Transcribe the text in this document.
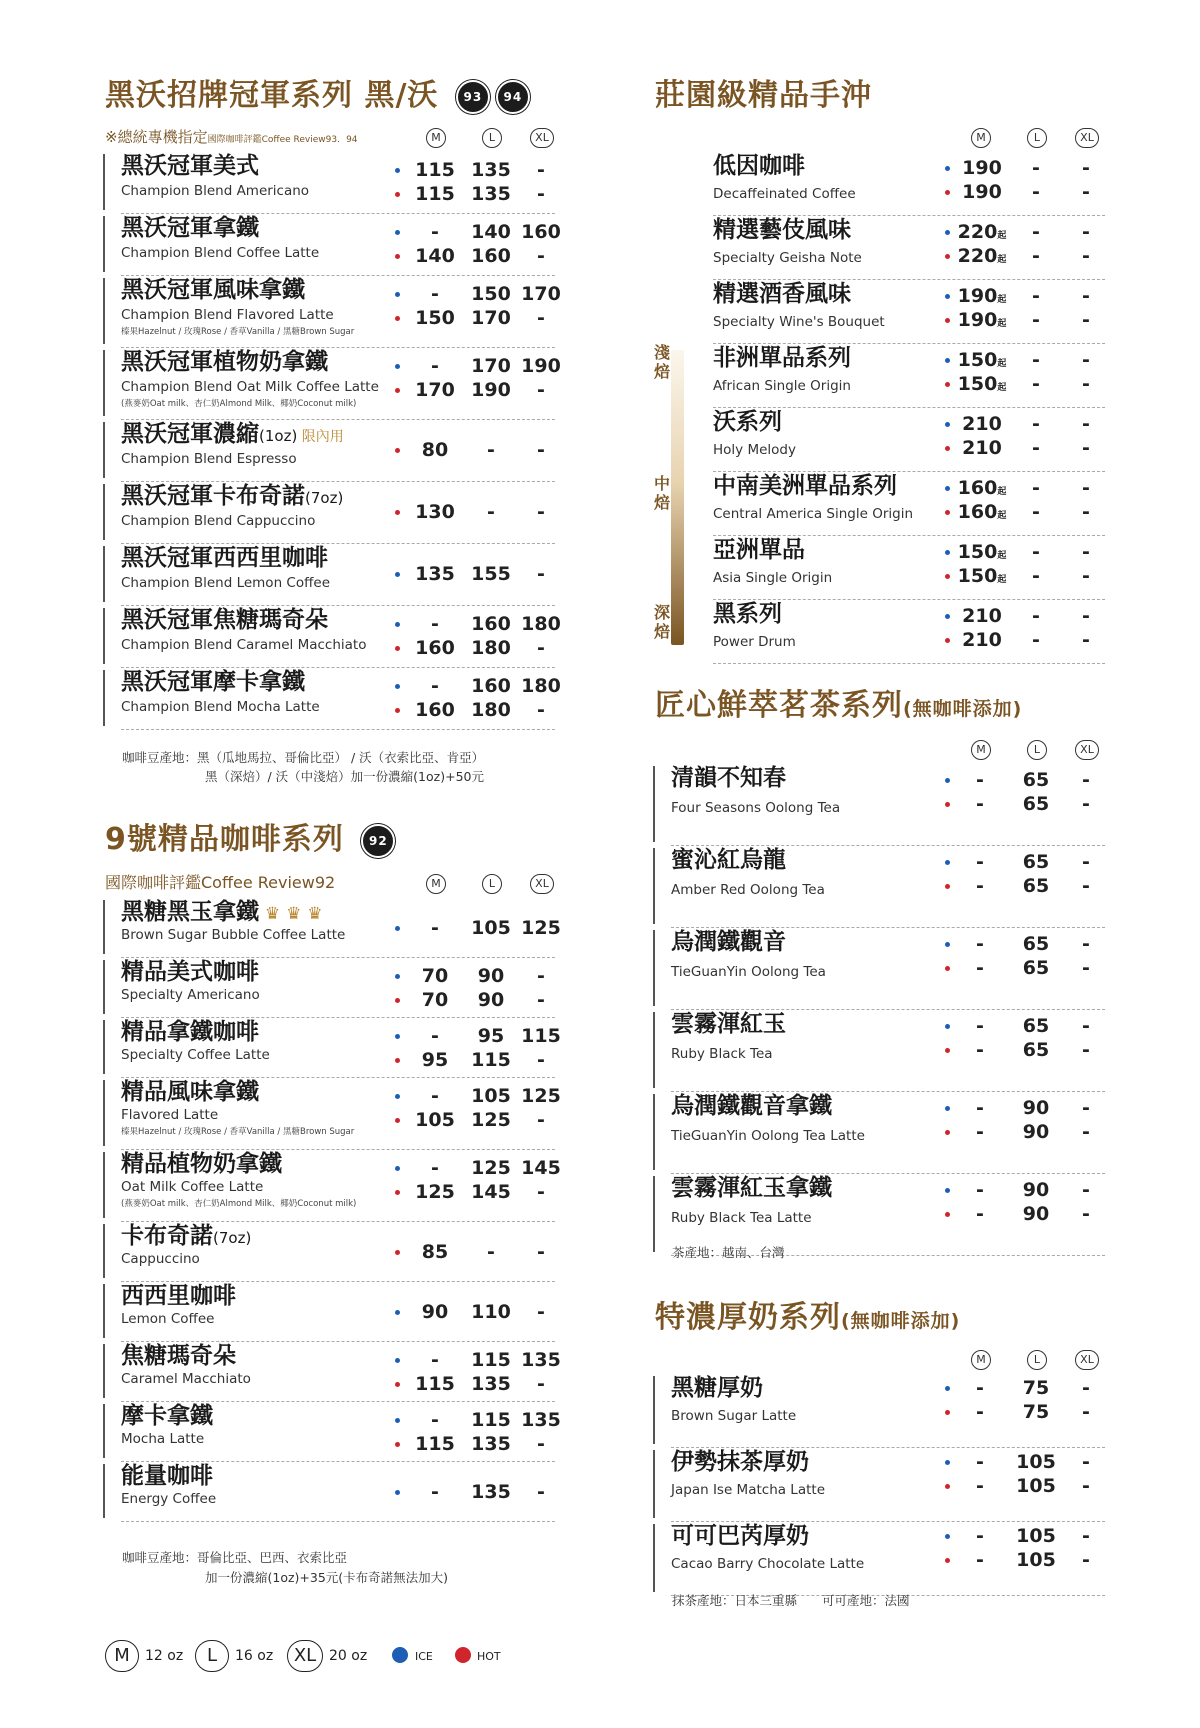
黑沃招牌冠軍系列 黑/沃 93 94
※總統專機指定國際咖啡評鑑Coffee Review93．94	M	L	XL
黑沃冠軍美式
Champion Blend Americano
115 135	-
115 135	-
黑沃冠軍拿鐵
Champion Blend Coffee Latte
-	140 160
140 160	-
黑沃冠軍風味拿鐵
Champion Blend Flavored Latte
榛果Hazelnut / 玫瑰Rose / 香草Vanilla / 黑糖Brown Sugar
-	150 170
150 170	-
黑沃冠軍植物奶拿鐵
Champion Blend Oat Milk Coffee Latte
(燕麥奶Oat milk、杏仁奶Almond Milk、椰奶Coconut milk)
-	170 190
170 190	-
黑沃冠軍濃縮(1oz) 限內用
Champion Blend Espresso	80	-	-
黑沃冠軍卡布奇諾(7oz)
Champion Blend Cappuccino	130	-	-
黑沃冠軍西西里咖啡
Champion Blend Lemon Coffee	135 155	-
黑沃冠軍焦糖瑪奇朵
Champion Blend Caramel Macchiato
-	160 180
160 180	-
黑沃冠軍摩卡拿鐵
Champion Blend Mocha Latte
-	160 180
160 180	-
咖啡豆產地：黑（瓜地馬拉、哥倫比亞） / 沃（衣索比亞、肯亞）
黑（深焙）/ 沃（中淺焙）加一份濃縮(1oz)+50元
9號精品咖啡系列 92
國際咖啡評鑑Coffee Review92	M	L	XL
黑糖黑玉拿鐵 ♛ ♛ ♛
Brown Sugar Bubble Coffee Latte	-	105 125
精品美式咖啡
Specialty Americano
70	90	-
70	90	-
精品拿鐵咖啡
Specialty Coffee Latte
-	95 115
95	115	-
精品風味拿鐵
Flavored Latte
榛果Hazelnut / 玫瑰Rose / 香草Vanilla / 黑糖Brown Sugar
-	105 125
105 125	-
精品植物奶拿鐵
Oat Milk Coffee Latte
(燕麥奶Oat milk、杏仁奶Almond Milk、椰奶Coconut milk)
-	125 145
125 145	-
卡布奇諾(7oz)
Cappuccino	85	-	-
西西里咖啡
Lemon Coffee	90	110	-
焦糖瑪奇朵
Caramel Macchiato
-	115 135
115 135	-
摩卡拿鐵
Mocha Latte
-	115 135
115 135	-
能量咖啡
Energy Coffee	-	135	-
咖啡豆產地：哥倫比亞、巴西、衣索比亞
加一份濃縮(1oz)+35元(卡布奇諾無法加大)
莊園級精品手沖
M	L	XL
淺焙
中焙
深焙
低因咖啡
Decaffeinated Coffee
190	-	-
190	-	-
精選藝伎風味
Specialty Geisha Note
220起	-	-
220起	-	-
精選酒香風味
Specialty Wine's Bouquet
190起	-	-
190起	-	-
非洲單品系列
African Single Origin
150起	-	-
150起	-	-
沃系列
Holy Melody
210	-	-
210	-	-
中南美洲單品系列
Central America Single Origin
160起	-	-
160起	-	-
亞洲單品
Asia Single Origin
150起	-	-
150起	-	-
黑系列
Power Drum
210	-	-
210	-	-
匠心鮮萃茗茶系列(無咖啡添加)
M	L	XL
清韻不知春
Four Seasons Oolong Tea
-	65	-
-	65	-
蜜沁紅烏龍
Amber Red Oolong Tea
-	65	-
-	65	-
烏潤鐵觀音
TieGuanYin Oolong Tea
-	65	-
-	65	-
雲霧渾紅玉
Ruby Black Tea
-	65	-
-	65	-
烏潤鐵觀音拿鐵
TieGuanYin Oolong Tea Latte
-	90	-
-	90	-
雲霧渾紅玉拿鐵
Ruby Black Tea Latte
-	90	-
-	90	-
茶產地：越南、台灣
特濃厚奶系列(無咖啡添加)
M	L	XL
黑糖厚奶
Brown Sugar Latte
-	75	-
-	75	-
伊勢抹茶厚奶
Japan Ise Matcha Latte
-	105	-
-	105	-
可可巴芮厚奶
Cacao Barry Chocolate Latte
-	105	-
-	105	-
抹茶產地：日本三重縣　　可可產地：法國
M	12 oz	L	16 oz	XL 20 oz	ICE	HOT
